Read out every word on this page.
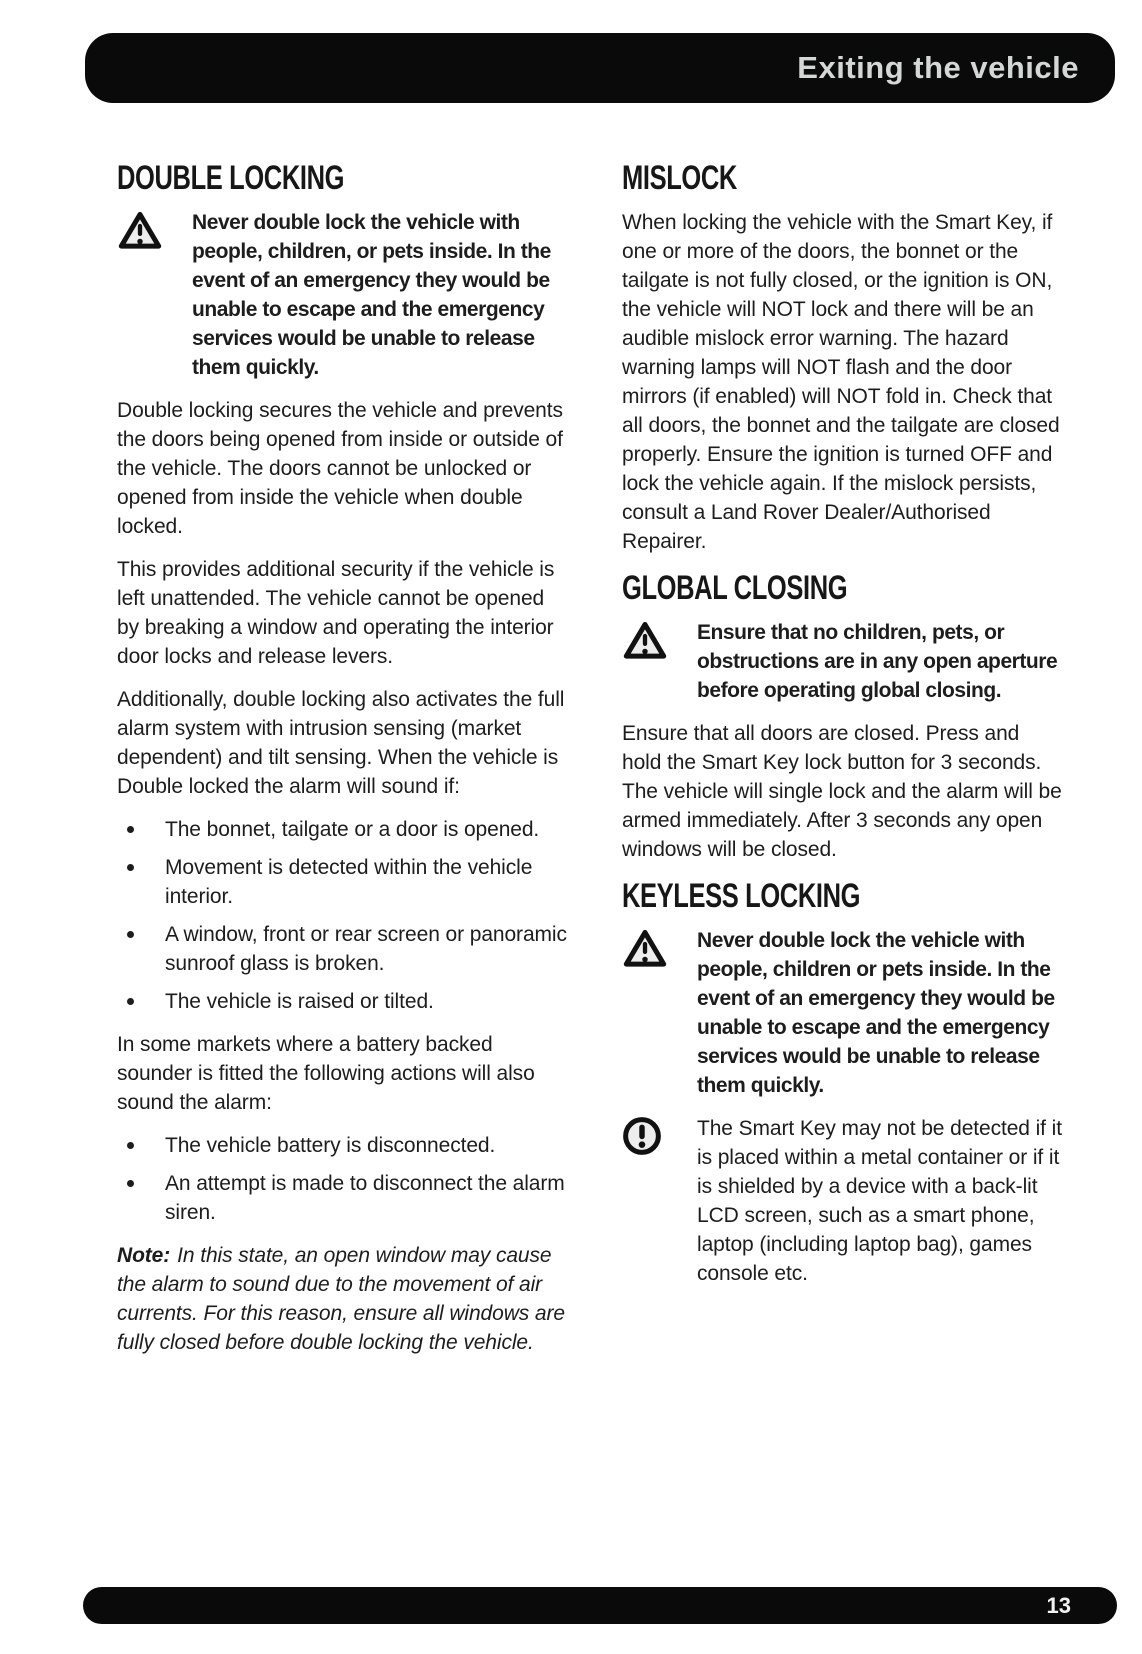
Exiting the vehicle
DOUBLE LOCKING

Never double lock the vehicle with people, children, or pets inside. In the event of an emergency they would be unable to escape and the emergency services would be unable to release them quickly.

Double locking secures the vehicle and prevents the doors being opened from inside or outside of the vehicle. The doors cannot be unlocked or opened from inside the vehicle when double locked.

This provides additional security if the vehicle is left unattended. The vehicle cannot be opened by breaking a window and operating the interior door locks and release levers.

Additionally, double locking also activates the full alarm system with intrusion sensing (market dependent) and tilt sensing. When the vehicle is Double locked the alarm will sound if:

The bonnet, tailgate or a door is opened.
Movement is detected within the vehicle interior.
A window, front or rear screen or panoramic sunroof glass is broken.
The vehicle is raised or tilted.

In some markets where a battery backed sounder is fitted the following actions will also sound the alarm:

The vehicle battery is disconnected.
An attempt is made to disconnect the alarm siren.

Note: In this state, an open window may cause the alarm to sound due to the movement of air currents. For this reason, ensure all windows are fully closed before double locking the vehicle.

MISLOCK

When locking the vehicle with the Smart Key, if one or more of the doors, the bonnet or the tailgate is not fully closed, or the ignition is ON, the vehicle will NOT lock and there will be an audible mislock error warning. The hazard warning lamps will NOT flash and the door mirrors (if enabled) will NOT fold in. Check that all doors, the bonnet and the tailgate are closed properly. Ensure the ignition is turned OFF and lock the vehicle again. If the mislock persists, consult a Land Rover Dealer/Authorised Repairer.

GLOBAL CLOSING

Ensure that no children, pets, or obstructions are in any open aperture before operating global closing.

Ensure that all doors are closed. Press and hold the Smart Key lock button for 3 seconds. The vehicle will single lock and the alarm will be armed immediately. After 3 seconds any open windows will be closed.

KEYLESS LOCKING

Never double lock the vehicle with people, children or pets inside. In the event of an emergency they would be unable to escape and the emergency services would be unable to release them quickly.

The Smart Key may not be detected if it is placed within a metal container or if it is shielded by a device with a back-lit LCD screen, such as a smart phone, laptop (including laptop bag), games console etc.

13
